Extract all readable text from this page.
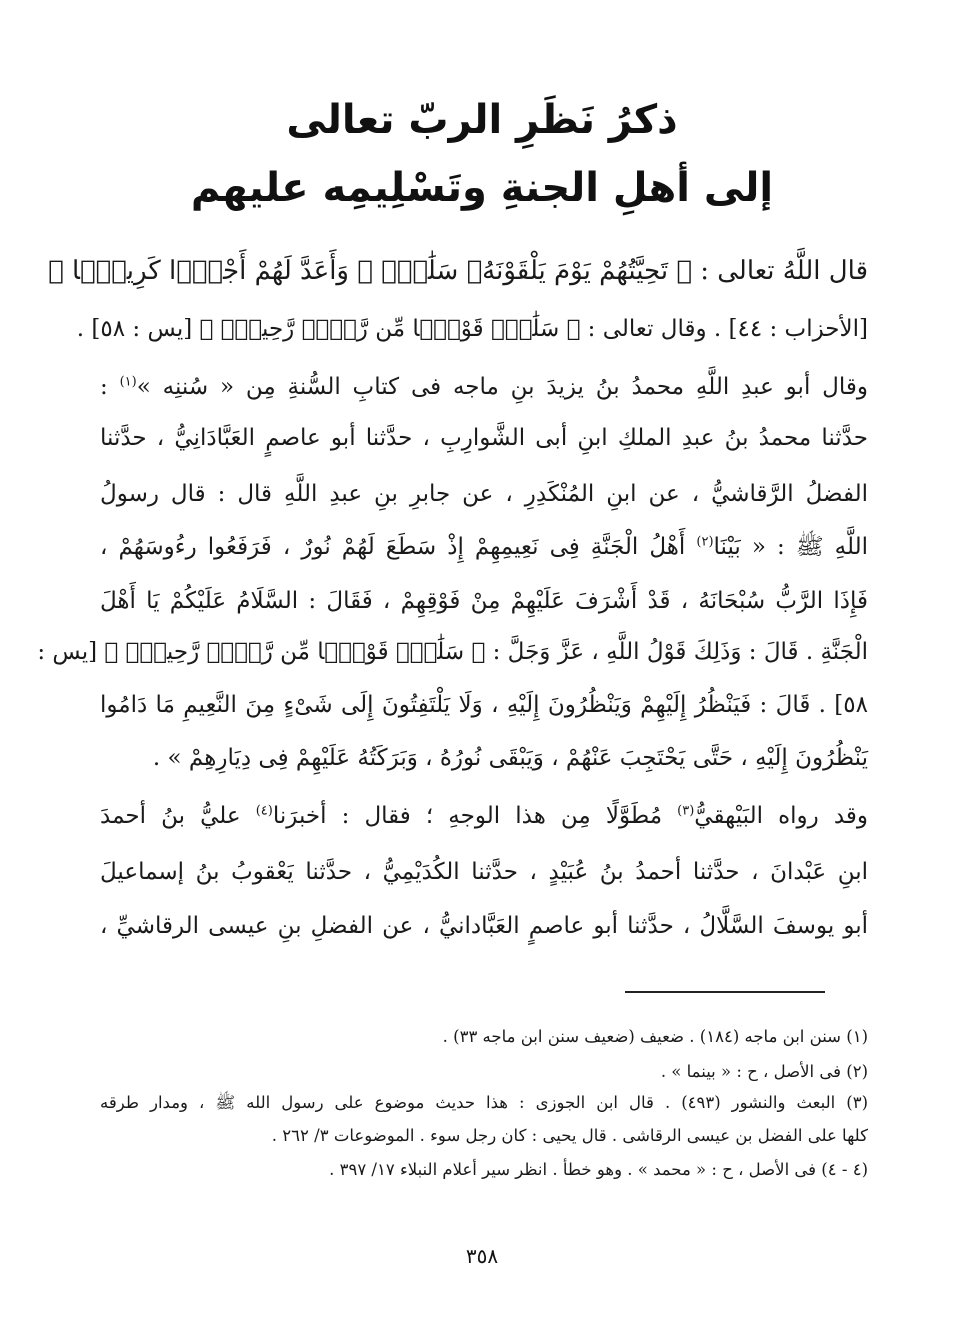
ذكرُ نَظَرِ الربّ تعالى
إلى أهلِ الجنةِ وتَسْلِيمِه عليهم
قال اللَّهُ تعالى : ﴿ تَحِيَّتُهُمْ يَوْمَ يَلْقَوْنَهُۥ سَلَٰمٌۭ ۚ وَأَعَدَّ لَهُمْ أَجْرًۭا كَرِيمًۭا ﴾
[الأحزاب : ٤٤] . وقال تعالى : ﴿ سَلَٰمٌۭ قَوْلًۭا مِّن رَّبٍّۢ رَّحِيمٍۢ ﴾ [يس : ٥٨] .
وقال أبو عبدِ اللَّهِ محمدُ بنُ يزيدَ بنِ ماجه فى كتابِ السُّنةِ مِن « سُننِه »$^{(١)}$ :
حدَّثنا محمدُ بنُ عبدِ الملكِ ابنِ أبى الشَّوارِبِ ، حدَّثنا أبو عاصمٍ العَبَّادَانِيُّ ، حدَّثنا
الفضلُ الرَّقاشيُّ ، عن ابنِ المُنْكَدِرِ ، عن جابرِ بنِ عبدِ اللَّهِ قال : قال رسولُ
اللَّهِ ﷺ : « بَيْنَا$^{(٢)}$ أَهْلُ الْجَنَّةِ فِى نَعِيمِهِمْ إِذْ سَطَعَ لَهُمْ نُورٌ ، فَرَفَعُوا رءُوسَهُمْ ،
فَإِذَا الرَّبُّ سُبْحَانَهُ ، قَدْ أَشْرَفَ عَلَيْهِمْ مِنْ فَوْقِهِمْ ، فَقَالَ : السَّلَامُ عَلَيْكُمْ يَا أَهْلَ
الْجَنَّةِ . قَالَ : وَذَلِكَ قَوْلُ اللَّهِ ، عَزَّ وَجَلَّ : ﴿ سَلَٰمٌۭ قَوْلًۭا مِّن رَّبٍّۢ رَّحِيمٍۢ ﴾ [يس :
٥٨] . قَالَ : فَيَنْظُرُ إِلَيْهِمْ وَيَنْظُرُونَ إِلَيْهِ ، وَلَا يَلْتَفِتُونَ إِلَى شَىْءٍ مِنَ النَّعِيمِ مَا دَامُوا
يَنْظُرُونَ إِلَيْهِ ، حَتَّى يَحْتَجِبَ عَنْهُمْ ، وَيَبْقَى نُورُهُ ، وَبَرَكَتُهُ عَلَيْهِمْ فِى دِيَارِهِمْ » .
وقد رواه البَيْهقيُّ$^{(٣)}$ مُطَوَّلًا مِن هذا الوجهِ ؛ فقال : أخبرَنا$^{(٤)}$ عليُّ بنُ أحمدَ
ابنِ عَبْدانَ ، حدَّثنا أحمدُ بنُ عُبَيْدٍ ، حدَّثنا الكُدَيْمِيُّ ، حدَّثنا يَعْقوبُ بنُ إسماعيلَ
أبو يوسفَ السَّلَّالُ ، حدَّثنا أبو عاصمٍ العَبَّادانيُّ ، عن الفضلِ بنِ عيسى الرقاشيِّ ،
(١) سنن ابن ماجه (١٨٤) . ضعيف (ضعيف سنن ابن ماجه ٣٣) .
(٢) فى الأصل ، ح : « بينما » .
(٣) البعث والنشور (٤٩٣) . قال ابن الجوزى : هذا حديث موضوع على رسول الله ﷺ ، ومدار طرقه
كلها على الفضل بن عيسى الرقاشى . قال يحيى : كان رجل سوء . الموضوعات ٣/ ٢٦٢ .
(٤ - ٤) فى الأصل ، ح : « محمد » . وهو خطأ . انظر سير أعلام النبلاء ١٧/ ٣٩٧ .
٣٥٨
